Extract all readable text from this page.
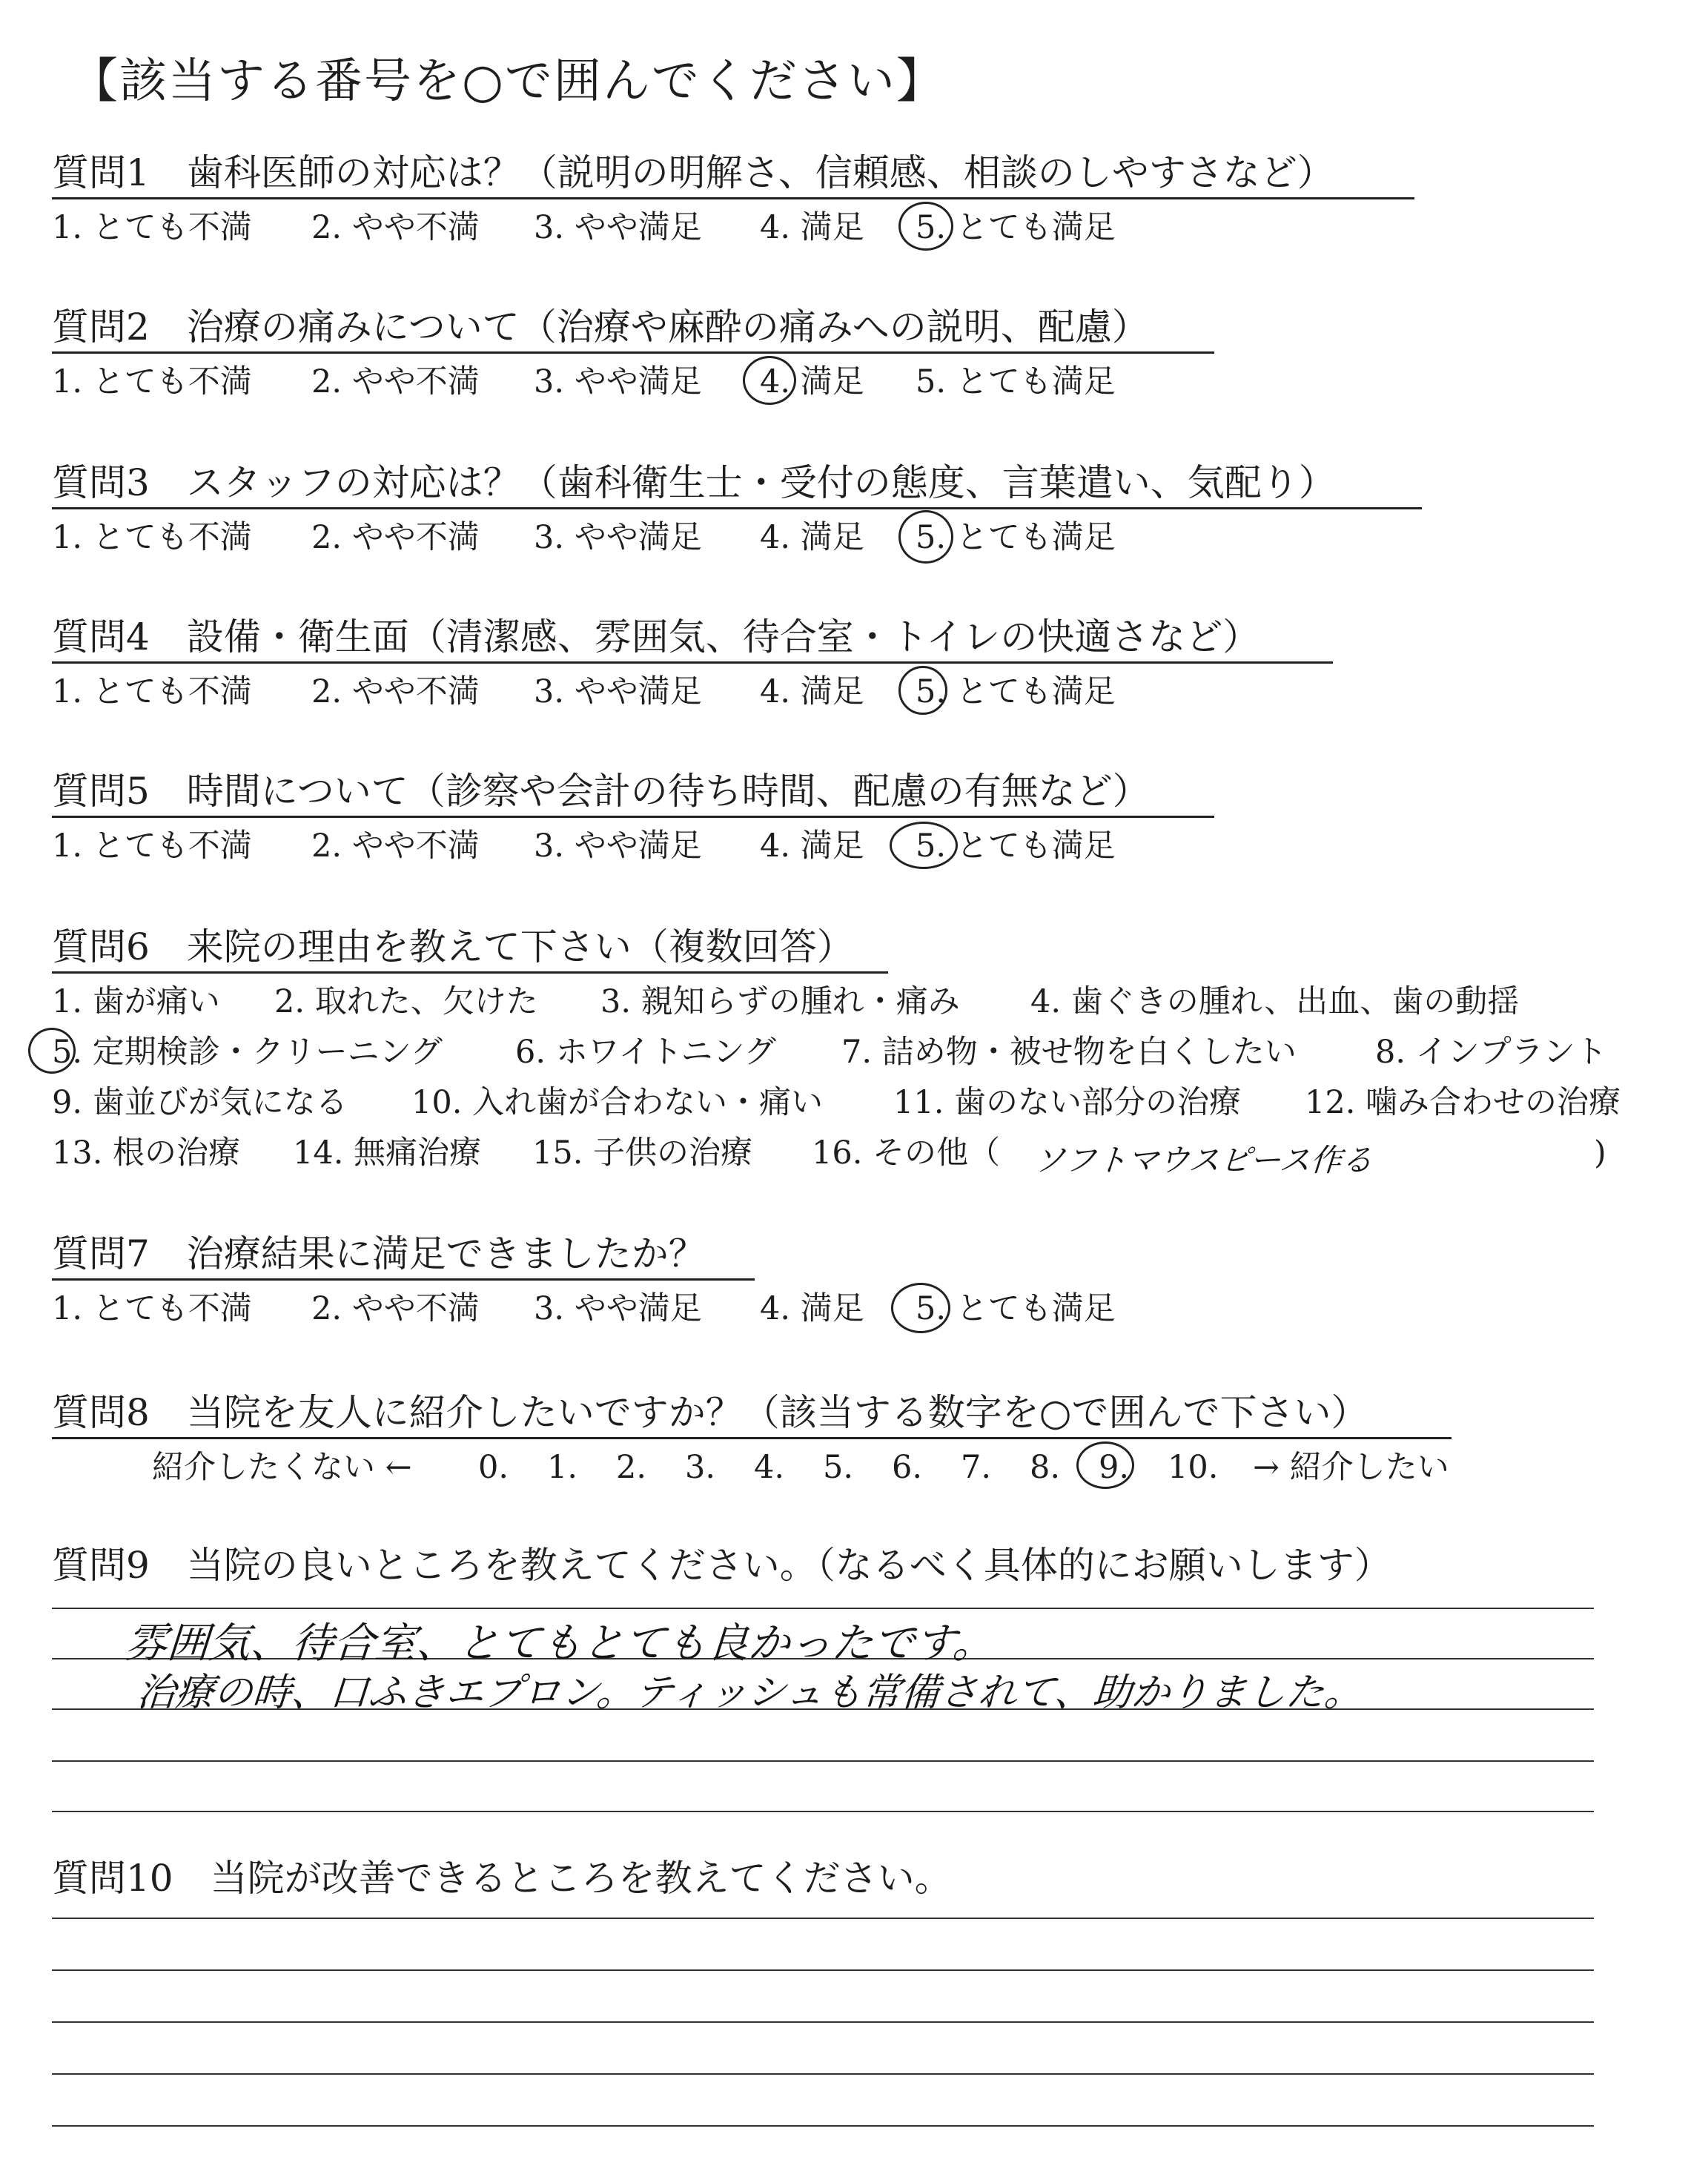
【該当する番号を○で囲んでください】
質問1　歯科医師の対応は？（説明の明解さ、信頼感、相談のしやすさなど）
1. とても不満 2. やや不満 3. やや満足 4. 満足 5. とても満足
質問2　治療の痛みについて（治療や麻酔の痛みへの説明、配慮）
1. とても不満 2. やや不満 3. やや満足 4. 満足 5. とても満足
質問3　スタッフの対応は？（歯科衛生士・受付の態度、言葉遣い、気配り）
1. とても不満 2. やや不満 3. やや満足 4. 満足 5. とても満足
質問4　設備・衛生面（清潔感、雰囲気、待合室・トイレの快適さなど）
1. とても不満 2. やや不満 3. やや満足 4. 満足 5. とても満足
質問5　時間について（診察や会計の待ち時間、配慮の有無など）
1. とても不満 2. やや不満 3. やや満足 4. 満足 5. とても満足
質問6　来院の理由を教えて下さい（複数回答）
1. 歯が痛い 2. 取れた、欠けた 3. 親知らずの腫れ・痛み 4. 歯ぐきの腫れ、出血、歯の動揺
5. 定期検診・クリーニング 6. ホワイトニング 7. 詰め物・被せ物を白くしたい 8. インプラント
9. 歯並びが気になる 10. 入れ歯が合わない・痛い 11. 歯のない部分の治療 12. 噛み合わせの治療
13. 根の治療 14. 無痛治療 15. 子供の治療 16. その他（ ソフトマウスピース作る	)
質問7　治療結果に満足できましたか？
1. とても不満 2. やや不満 3. やや満足 4. 満足 5. とても満足
質問8　当院を友人に紹介したいですか？（該当する数字を○で囲んで下さい）
紹介したくない ← 0. 1. 2. 3. 4. 5. 6. 7. 8. 9. 10. → 紹介したい
質問9　当院の良いところを教えてください。（なるべく具体的にお願いします）
雰囲気、待合室、とてもとても良かったです。
治療の時、口ふきエプロン。ティッシュも常備されて、助かりました。
質問10　当院が改善できるところを教えてください。
